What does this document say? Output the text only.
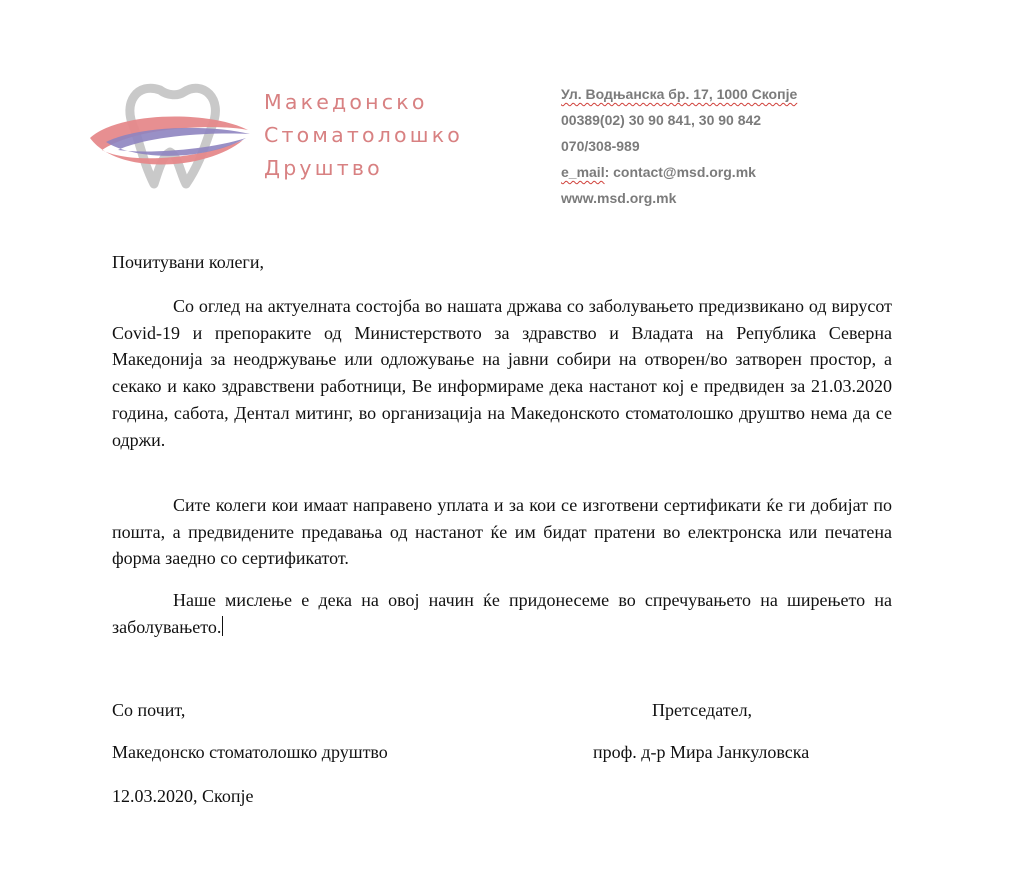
Македонско
Стоматолошко
Друштво
Ул. Водњанска бр. 17, 1000 Скопје
00389(02) 30 90 841, 30 90 842
070/308-989
e_mail: contact@msd.org.mk
www.msd.org.mk
Почитувани колеги,

Со оглед на актуелната состојба во нашата држава со заболувањето предизвикано од вирусот Covid-19 и препораките од Министерството за здравство и Владата на Република Северна Македонија за неодржување или одложување на јавни собири на отворен/во затворен простор, а секако и како здравствени работници, Ве информираме дека настанот кој е предвиден за 21.03.2020 година, сабота, Дентал митинг, во организација на Македонското стоматолошко друштво нема да се одржи.

Сите колеги кои имаат направено уплата и за кои се изготвени сертификати ќе ги добијат по пошта, а предвидените предавања од настанот ќе им бидат пратени во електронска или печатена форма заедно со сертификатот.

Наше мислење е дека на овој начин ќе придонесеме во спречувањето на ширењето на заболувањето.

Со почит,
Македонско стоматолошко друштво
12.03.2020, Скопје
Претседател,
проф. д-р Мира Јанкуловска
